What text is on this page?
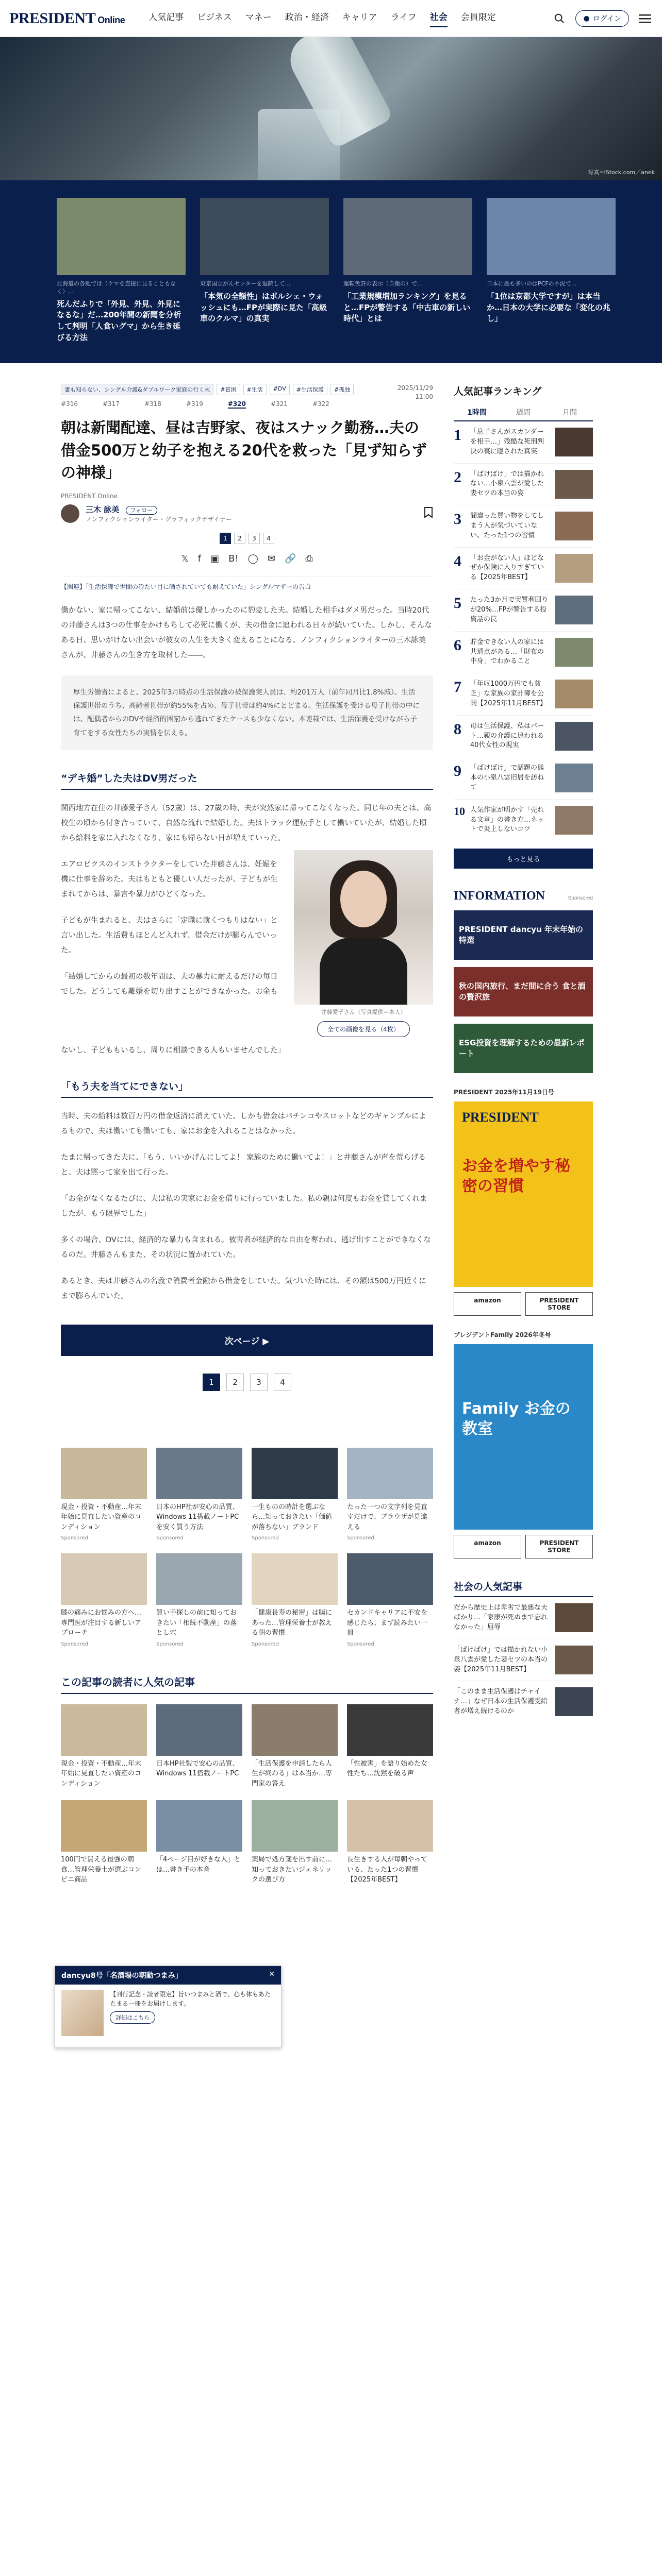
PRESIDENT Online	人気記事 ビジネス マネー 政治・経済 キャリア ライフ 社会 会員限定	● ログイン
写真=iStock.com／anek
北海道の各地では（クマを直接に見ることもなく）…
死んだふりで「外見、外見、外見になるな」だ…200年間の新聞を分析して判明「人食いグマ」から生き延びる方法
東京国立がんセンターを退院して…
「本気の全額性」はポルシェ・ウォッシュにも…FPが実際に見た「高級車のクルマ」の真実
運転免許の表示（自衛の）で…
「工業規模増加ランキング」を見ると…FPが警告する「中古車の新しい時代」とは
日本に最も多いのはPCFの不況で…
「1位は京都大学ですが」は本当か…日本の大学に必要な「変化の兆し」
妻も知らない、シングル介護&ダブルワーク家庭の行く末	#貧困	#生活	#DV	#生活保護	#孤独
#316	#317	#318	#319	#320	#321	#322
2025/11/29
11:00
朝は新聞配達、昼は吉野家、夜はスナック勤務…夫の借金500万と幼子を抱える20代を救った「見ず知らずの神様」
PRESIDENT Online
三木 詠美 フォロー
ノンフィクションライター・グラフィックデザイナー
1	2	3	4
𝕏 f ▣ B! ◯ ✉ 🔗 ⎙
【関連】「生活保護で世間の冷たい目に晒されていても耐えていた」シングルマザーの告白

働かない、家に帰ってこない、結婚前は優しかったのに豹変した夫。結婚した相手はダメ男だった。当時20代の井藤さんは3つの仕事をかけもちして必死に働くが、夫の借金に追われる日々が続いていた。しかし、そんなある日、思いがけない出会いが彼女の人生を大きく変えることになる。ノンフィクションライターの三木詠美さんが、井藤さんの生き方を取材した――。

厚生労働省によると、2025年3月時点の生活保護の被保護実人員は、約201万人（前年同月比1.8%減）。生活保護世帯のうち、高齢者世帯が約55%を占め、母子世帯は約4%にとどまる。生活保護を受ける母子世帯の中には、配偶者からのDVや経済的困窮から逃れてきたケースも少なくない。本連載では、生活保護を受けながら子育てをする女性たちの実情を伝える。
“デキ婚”した夫はDV男だった

関西地方在住の井藤愛子さん（52歳）は、27歳の時、夫が突然家に帰ってこなくなった。同じ年の夫とは、高校生の頃から付き合っていて、自然な流れで結婚した。夫はトラック運転手として働いていたが、結婚した頃から給料を家に入れなくなり、家にも帰らない日が増えていった。

井藤愛子さん（写真提供＝本人）
全ての画像を見る（4枚）

エアロビクスのインストラクターをしていた井藤さんは、妊娠を機に仕事を辞めた。夫はもともと優しい人だったが、子どもが生まれてからは、暴言や暴力がひどくなった。

子どもが生まれると、夫はさらに「定職に就くつもりはない」と言い出した。生活費もほとんど入れず、借金だけが膨らんでいった。

「結婚してからの最初の数年間は、夫の暴力に耐えるだけの毎日でした。どうしても離婚を切り出すことができなかった。お金もないし、子どももいるし、周りに相談できる人もいませんでした」

「もう夫を当てにできない」

当時、夫の給料は数百万円の借金返済に消えていた。しかも借金はパチンコやスロットなどのギャンブルによるもので、夫は働いても働いても、家にお金を入れることはなかった。

たまに帰ってきた夫に、「もう、いいかげんにしてよ！ 家族のために働いてよ！」と井藤さんが声を荒らげると、夫は黙って家を出て行った。

「お金がなくなるたびに、夫は私の実家にお金を借りに行っていました。私の親は何度もお金を貸してくれましたが、もう限界でした」

多くの場合、DVには、経済的な暴力も含まれる。被害者が経済的な自由を奪われ、逃げ出すことができなくなるのだ。井藤さんもまた、その状況に置かれていた。

あるとき、夫は井藤さんの名義で消費者金融から借金をしていた。気づいた時には、その額は500万円近くにまで膨らんでいた。

次ページ ▶
1	2	3	4
現金・投資・不動産…年末年始に見直したい資産のコンディション
Sponsored
日本のHP社が安心の品質、Windows 11搭載ノートPCを安く買う方法
Sponsored
一生ものの時計を選ぶなら…知っておきたい「価値が落ちない」ブランド
Sponsored
たった一つの文字列を見直すだけで、ブラウザが見違える
Sponsored
膝の痛みにお悩みの方へ…専門医が注目する新しいアプローチ
Sponsored
買い手探しの前に知っておきたい「相続不動産」の落とし穴
Sponsored
「健康長寿の秘密」は腸にあった…管理栄養士が教える朝の習慣
Sponsored
セカンドキャリアに不安を感じたら、まず読みたい一冊
Sponsored
この記事の読者に人気の記事
現金・投資・不動産…年末年始に見直したい資産のコンディション
日本HP社製で安心の品質、Windows 11搭載ノートPC
「生活保護を申請したら人生が終わる」は本当か…専門家の答え
「性被害」を語り始めた女性たち…沈黙を破る声
100円で買える最強の朝食…管理栄養士が選ぶコンビニ商品
「4ページ目が好きな人」とは…書き手の本音
薬局で処方箋を出す前に…知っておきたいジェネリックの選び方
長生きする人が毎朝やっている、たった1つの習慣【2025年BEST】
人気記事ランキング
1時間	週間	月間
1	「息子さんがスカンダーを相手…」残酷な死刑判決の裏に隠された真実
2	「ばけばけ」では描かれない…小泉八雲が愛した妻セツの本当の姿
3	間違った買い物をしてしまう人が気づいていない、たった1つの習慣
4	「お金がない人」ほどなぜか保険に入りすぎている【2025年BEST】
5	たった3か月で実質利回りが20%…FPが警告する投資話の罠
6	貯金できない人の家には共通点がある…「財布の中身」でわかること
7	「年収1000万円でも貧乏」な家族の家計簿を公開【2025年11月BEST】
8	母は生活保護、私はパート…親の介護に追われる40代女性の現実
9	「ばけばけ」で話題の熊本の小泉八雲旧居を訪ねて
10 人気作家が明かす「売れる文章」の書き方…ネットで炎上しないコツ
もっと見る
INFORMATION	Sponsored
PRESIDENT dancyu 年末年始の特選
秋の国内旅行、まだ間に合う 食と酒の贅沢旅
ESG投資を理解するための最新レポート
PRESIDENT 2025年11月19日号
PRESIDENT
お金を増やす秘密の習慣
amazon	PRESIDENT STORE
プレジデントFamily 2026年冬号
Family お金の教室
amazon	PRESIDENT STORE
社会の人気記事
だから歴史上は卑劣で最悪な夫ばかり…「家康が死ぬまで忘れなかった」屈辱
「ばけばけ」では描かれない小泉八雲が愛した妻セツの本当の姿【2025年11月BEST】
「このまま生活保護はチャイナ…」なぜ日本の生活保護受給者が増え続けるのか
dancyu8号「名酒場の朝動つまみ」	✕
【刊行記念・読者限定】旨いつまみと酒で、心も体もあたたまる一冊をお届けします。
詳細はこちら
